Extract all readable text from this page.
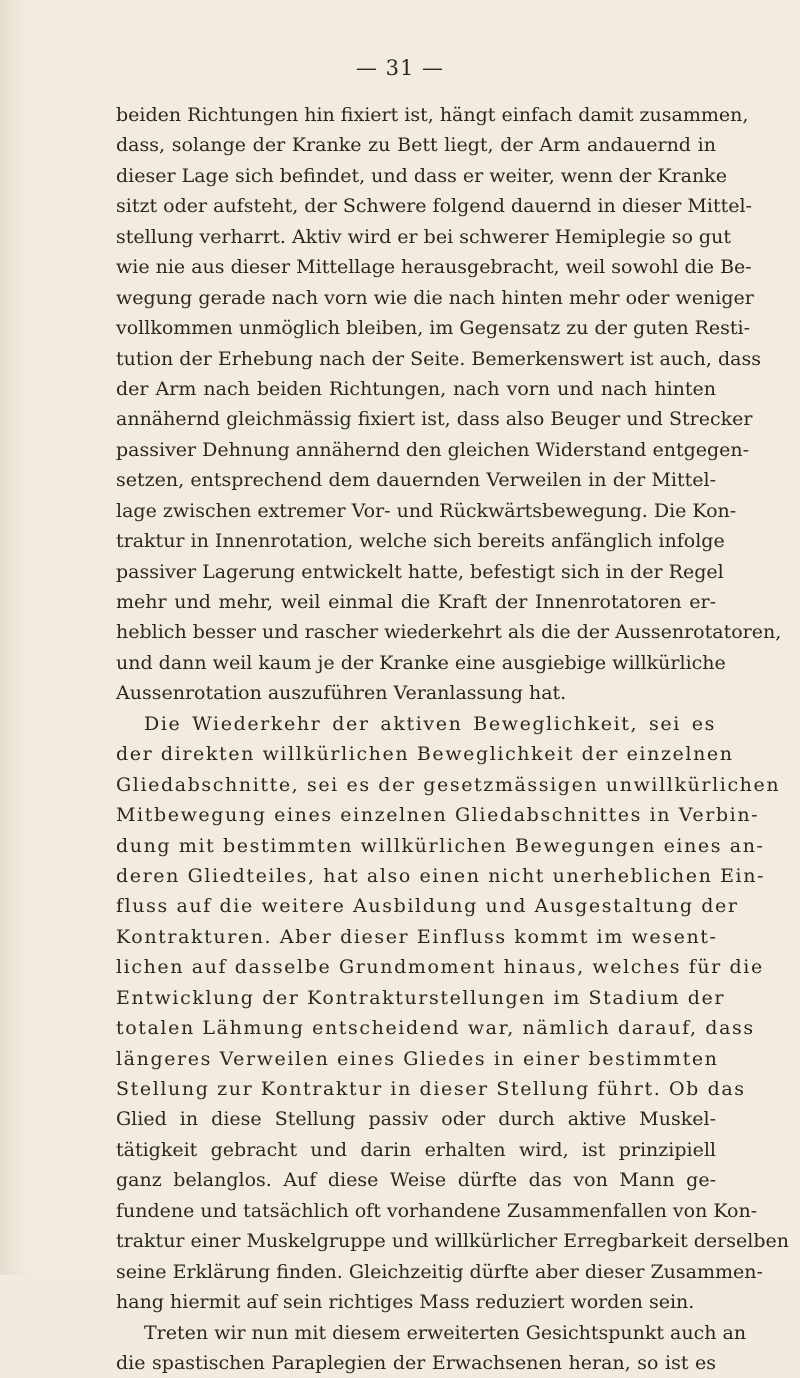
— 31 —
beiden Richtungen hin fixiert ist, hängt einfach damit zusammen,
dass, solange der Kranke zu Bett liegt, der Arm andauernd in
dieser Lage sich befindet, und dass er weiter, wenn der Kranke
sitzt oder aufsteht, der Schwere folgend dauernd in dieser Mittel-
stellung verharrt. Aktiv wird er bei schwerer Hemiplegie so gut
wie nie aus dieser Mittellage herausgebracht, weil sowohl die Be-
wegung gerade nach vorn wie die nach hinten mehr oder weniger
vollkommen unmöglich bleiben, im Gegensatz zu der guten Resti-
tution der Erhebung nach der Seite. Bemerkenswert ist auch, dass
der Arm nach beiden Richtungen, nach vorn und nach hinten
annähernd gleichmässig fixiert ist, dass also Beuger und Strecker
passiver Dehnung annähernd den gleichen Widerstand entgegen-
setzen, entsprechend dem dauernden Verweilen in der Mittel-
lage zwischen extremer Vor- und Rückwärtsbewegung. Die Kon-
traktur in Innenrotation, welche sich bereits anfänglich infolge
passiver Lagerung entwickelt hatte, befestigt sich in der Regel
mehr und mehr, weil einmal die Kraft der Innenrotatoren er-
heblich besser und rascher wiederkehrt als die der Aussenrotatoren,
und dann weil kaum je der Kranke eine ausgiebige willkürliche
Aussenrotation auszuführen Veranlassung hat.
Die Wiederkehr der aktiven Beweglichkeit, sei es
der direkten willkürlichen Beweglichkeit der einzelnen
Gliedabschnitte, sei es der gesetzmässigen unwillkürlichen
Mitbewegung eines einzelnen Gliedabschnittes in Verbin-
dung mit bestimmten willkürlichen Bewegungen eines an-
deren Gliedteiles, hat also einen nicht unerheblichen Ein-
fluss auf die weitere Ausbildung und Ausgestaltung der
Kontrakturen. Aber dieser Einfluss kommt im wesent-
lichen auf dasselbe Grundmoment hinaus, welches für die
Entwicklung der Kontrakturstellungen im Stadium der
totalen Lähmung entscheidend war, nämlich darauf, dass
längeres Verweilen eines Gliedes in einer bestimmten
Stellung zur Kontraktur in dieser Stellung führt. Ob das
Glied in diese Stellung passiv oder durch aktive Muskel-
tätigkeit gebracht und darin erhalten wird, ist prinzipiell
ganz belanglos. Auf diese Weise dürfte das von Mann ge-
fundene und tatsächlich oft vorhandene Zusammenfallen von Kon-
traktur einer Muskelgruppe und willkürlicher Erregbarkeit derselben
seine Erklärung finden. Gleichzeitig dürfte aber dieser Zusammen-
hang hiermit auf sein richtiges Mass reduziert worden sein.
Treten wir nun mit diesem erweiterten Gesichtspunkt auch an
die spastischen Paraplegien der Erwachsenen heran, so ist es
